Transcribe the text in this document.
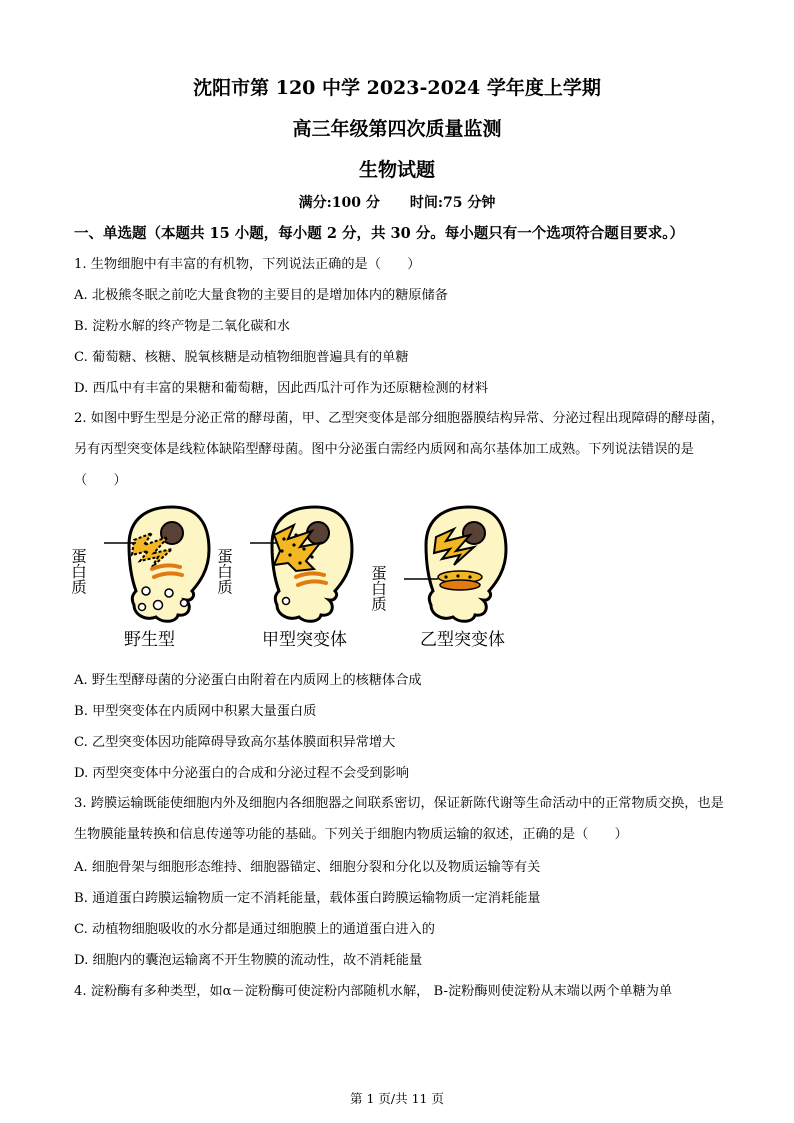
沈阳市第 120 中学 2023-2024 学年度上学期
高三年级第四次质量监测
生物试题
满分:100 分 时间:75 分钟
一、单选题（本题共 15 小题，每小题 2 分，共 30 分。每小题只有一个选项符合题目要求。）
1. 生物细胞中有丰富的有机物，下列说法正确的是（　　）
A. 北极熊冬眠之前吃大量食物的主要目的是增加体内的糖原储备
B. 淀粉水解的终产物是二氧化碳和水
C. 葡萄糖、核糖、脱氧核糖是动植物细胞普遍具有的单糖
D. 西瓜中有丰富的果糖和葡萄糖，因此西瓜汁可作为还原糖检测的材料
2. 如图中野生型是分泌正常的酵母菌，甲、乙型突变体是部分细胞器膜结构异常、分泌过程出现障碍的酵母菌，另有丙型突变体是线粒体缺陷型酵母菌。图中分泌蛋白需经内质网和高尔基体加工成熟。下列说法错误的是（　　）
蛋白质
野生型
蛋白质
甲型突变体
蛋白质
乙型突变体
A. 野生型酵母菌的分泌蛋白由附着在内质网上的核糖体合成
B. 甲型突变体在内质网中积累大量蛋白质
C. 乙型突变体因功能障碍导致高尔基体膜面积异常增大
D. 丙型突变体中分泌蛋白的合成和分泌过程不会受到影响
3. 跨膜运输既能使细胞内外及细胞内各细胞器之间联系密切，保证新陈代谢等生命活动中的正常物质交换，也是生物膜能量转换和信息传递等功能的基础。下列关于细胞内物质运输的叙述，正确的是（　　）
A. 细胞骨架与细胞形态维持、细胞器锚定、细胞分裂和分化以及物质运输等有关
B. 通道蛋白跨膜运输物质一定不消耗能量，载体蛋白跨膜运输物质一定消耗能量
C. 动植物细胞吸收的水分都是通过细胞膜上的通道蛋白进入的
D. 细胞内的囊泡运输离不开生物膜的流动性，故不消耗能量
4. 淀粉酶有多种类型，如α－淀粉酶可使淀粉内部随机水解， B-淀粉酶则使淀粉从末端以两个单糖为单
第 1 页/共 11 页
